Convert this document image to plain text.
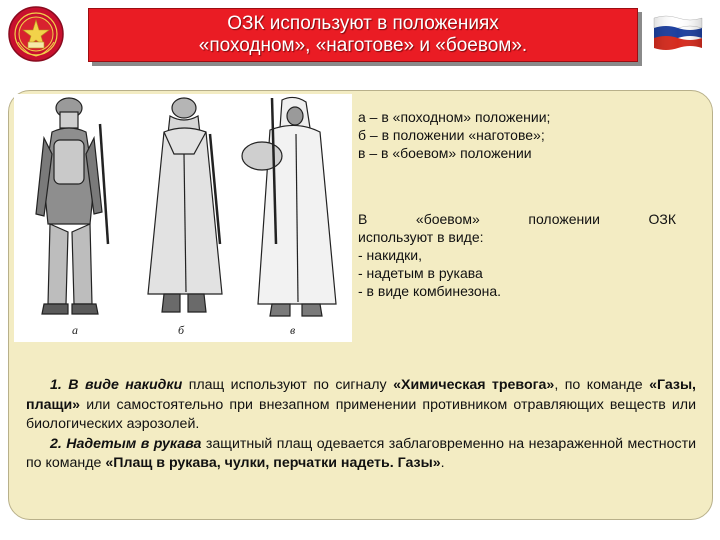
ОЗК используют в положениях
«походном», «наготове» и «боевом».
а	б	в
а – в «походном» положении;
б – в положении «наготове»;
в – в «боевом» положении
В	«боевом»	положении	ОЗК
используют в виде:
- накидки,
- надетым в рукава
- в виде комбинезона.

1. В виде накидки плащ используют по сигналу «Химическая тревога», по команде «Газы, плащи» или самостоятельно при внезапном применении противником отравляющих веществ или биологических аэрозолей.

2. Надетым в рукава защитный плащ одевается заблаговременно на незараженной местности по команде «Плащ в рукава, чулки, перчатки надеть. Газы».
